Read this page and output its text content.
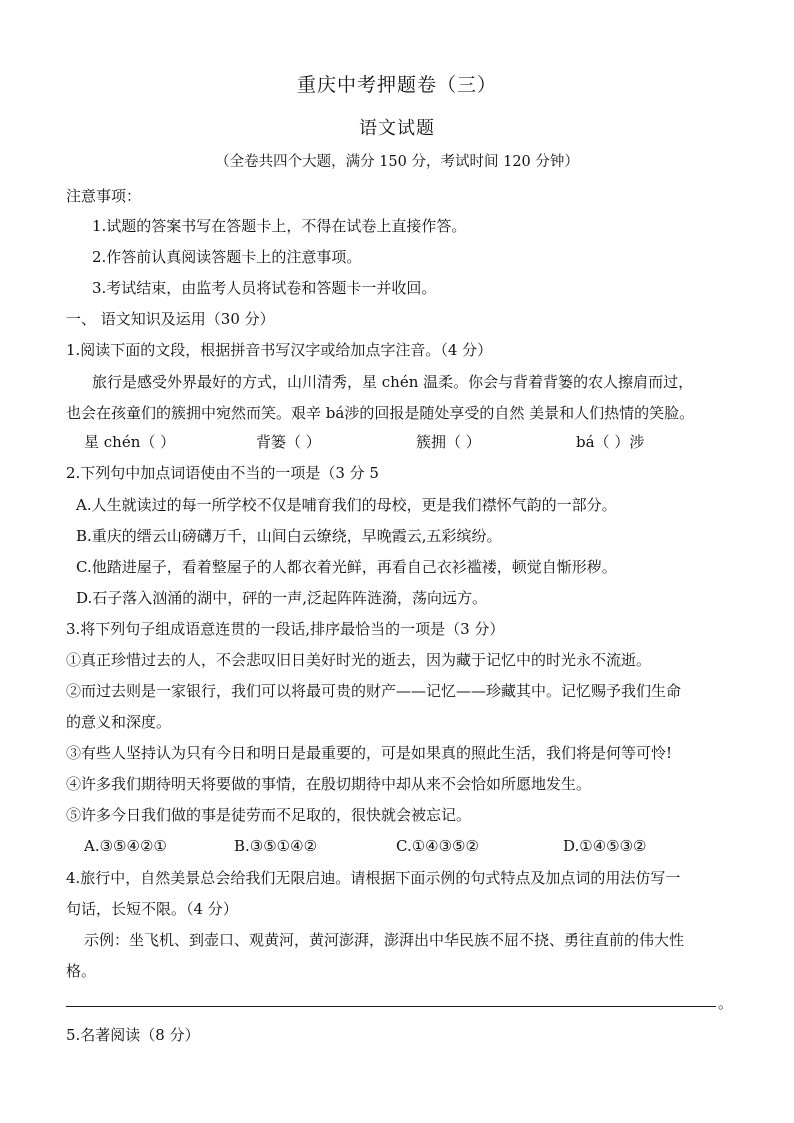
重庆中考押题卷（三）
语文试题
（全卷共四个大题，满分 150 分，考试时间 120 分钟）
注意事项：
1.试题的答案书写在答题卡上，不得在试卷上直接作答。
2.作答前认真阅读答题卡上的注意事项。
3.考试结束，由监考人员将试卷和答题卡一并收回。
一、 语文知识及运用（30 分）
1.阅读下面的文段，根据拼音书写汉字或给加点字注音。（4 分）
旅行是感受外界最好的方式，山川清秀，星 chén 温柔。你会与背着背篓的农人擦肩而过，
也会在孩童们的簇拥中宛然而笑。艰辛 bá涉的回报是随处享受的自然 美景和人们热情的笑脸。
星 chén（ ）	背篓（ ）	簇拥（ ）	bá（ ）涉
2.下列句中加点词语使由不当的一项是（3 分 5
A.人生就读过的每一所学校不仅是哺育我们的母校，更是我们襟怀气韵的一部分。
B.重庆的缙云山磅礴万千，山间白云缭绕，早晚霞云,五彩缤纷。
C.他踏进屋子，看着整屋子的人都衣着光鲜，再看自己衣衫褴褛，顿觉自惭形秽。
D.石子落入汹涌的湖中，砰的一声,泛起阵阵涟漪，荡向远方。
3.将下列句子组成语意连贯的一段话,排序最恰当的一项是（3 分）
①真正珍惜过去的人，不会悲叹旧日美好时光的逝去，因为藏于记忆中的时光永不流逝。
②而过去则是一家银行，我们可以将最可贵的财产——记忆——珍藏其中。记忆赐予我们生命
的意义和深度。
③有些人坚持认为只有今日和明日是最重要的，可是如果真的照此生活，我们将是何等可怜!
④许多我们期待明天将要做的事情，在殷切期待中却从来不会恰如所愿地发生。
⑤许多今日我们做的事是徒劳而不足取的，很快就会被忘记。
A.③⑤④②①	B.③⑤①④②	C.①④③⑤②	D.①④⑤③②
4.旅行中，自然美景总会给我们无限启迪。请根据下面示例的句式特点及加点词的用法仿写一
句话，长短不限。（4 分）
示例：坐飞机、到壶口、观黄河，黄河澎湃，澎湃出中华民族不屈不挠、勇往直前的伟大性
格。
。
5.名著阅读（8 分）
